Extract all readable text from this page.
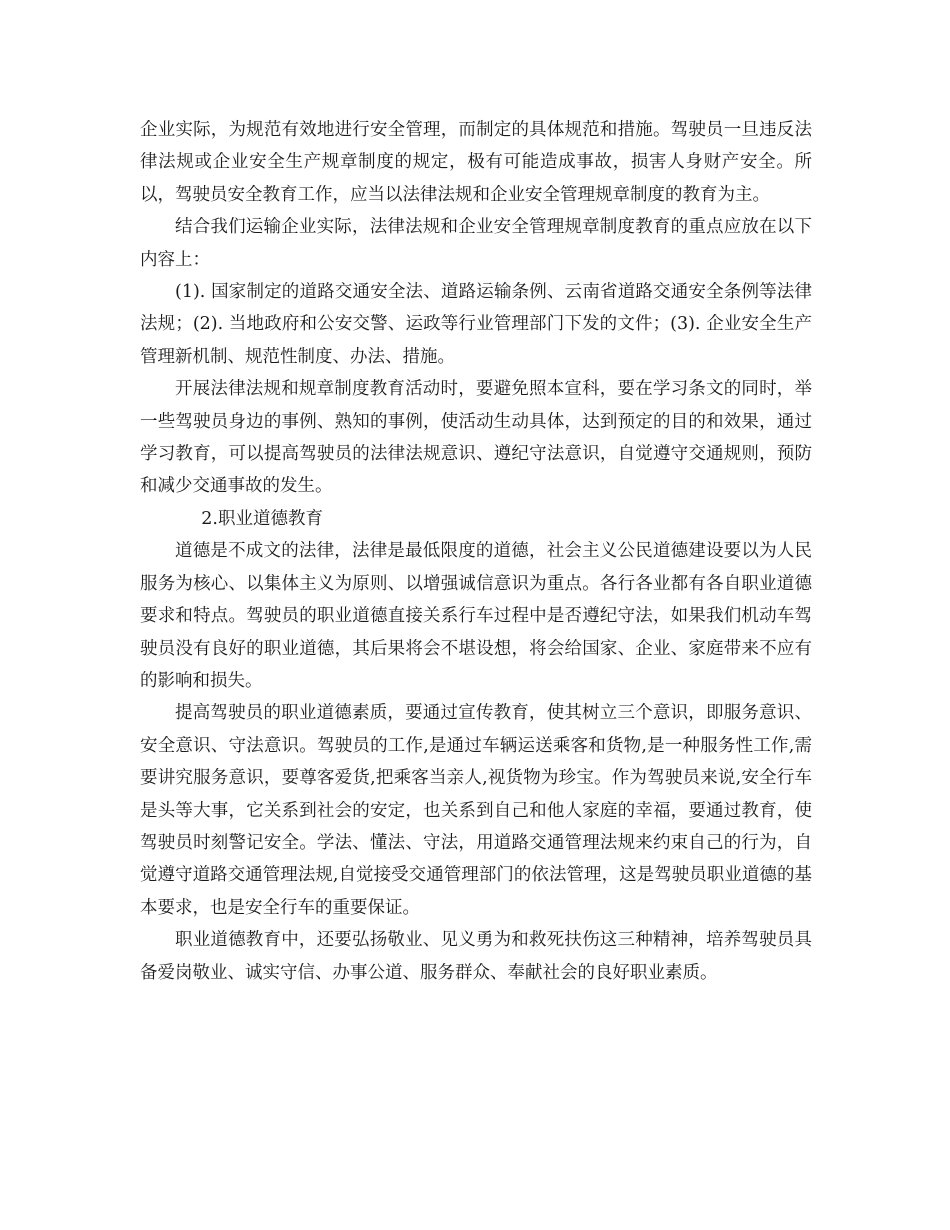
企业实际，为规范有效地进行安全管理，而制定的具体规范和措施。驾驶员一旦违反法律法规或企业安全生产规章制度的规定，极有可能造成事故，损害人身财产安全。所以，驾驶员安全教育工作，应当以法律法规和企业安全管理规章制度的教育为主。

结合我们运输企业实际，法律法规和企业安全管理规章制度教育的重点应放在以下内容上：

(1). 国家制定的道路交通安全法、道路运输条例、云南省道路交通安全条例等法律法规；(2). 当地政府和公安交警、运政等行业管理部门下发的文件；(3). 企业安全生产管理新机制、规范性制度、办法、措施。

开展法律法规和规章制度教育活动时，要避免照本宣科，要在学习条文的同时，举一些驾驶员身边的事例、熟知的事例，使活动生动具体，达到预定的目的和效果，通过学习教育，可以提高驾驶员的法律法规意识、遵纪守法意识，自觉遵守交通规则，预防和减少交通事故的发生。

2.职业道德教育

道德是不成文的法律，法律是最低限度的道德，社会主义公民道德建设要以为人民服务为核心、以集体主义为原则、以增强诚信意识为重点。各行各业都有各自职业道德要求和特点。驾驶员的职业道德直接关系行车过程中是否遵纪守法，如果我们机动车驾驶员没有良好的职业道德，其后果将会不堪设想，将会给国家、企业、家庭带来不应有的影响和损失。

提高驾驶员的职业道德素质，要通过宣传教育，使其树立三个意识，即服务意识、安全意识、守法意识。驾驶员的工作,是通过车辆运送乘客和货物,是一种服务性工作,需要讲究服务意识，要尊客爱货,把乘客当亲人,视货物为珍宝。作为驾驶员来说,安全行车是头等大事，它关系到社会的安定，也关系到自己和他人家庭的幸福，要通过教育，使驾驶员时刻警记安全。学法、懂法、守法，用道路交通管理法规来约束自己的行为，自觉遵守道路交通管理法规,自觉接受交通管理部门的依法管理，这是驾驶员职业道德的基本要求，也是安全行车的重要保证。

职业道德教育中，还要弘扬敬业、见义勇为和救死扶伤这三种精神，培养驾驶员具备爱岗敬业、诚实守信、办事公道、服务群众、奉献社会的良好职业素质。
